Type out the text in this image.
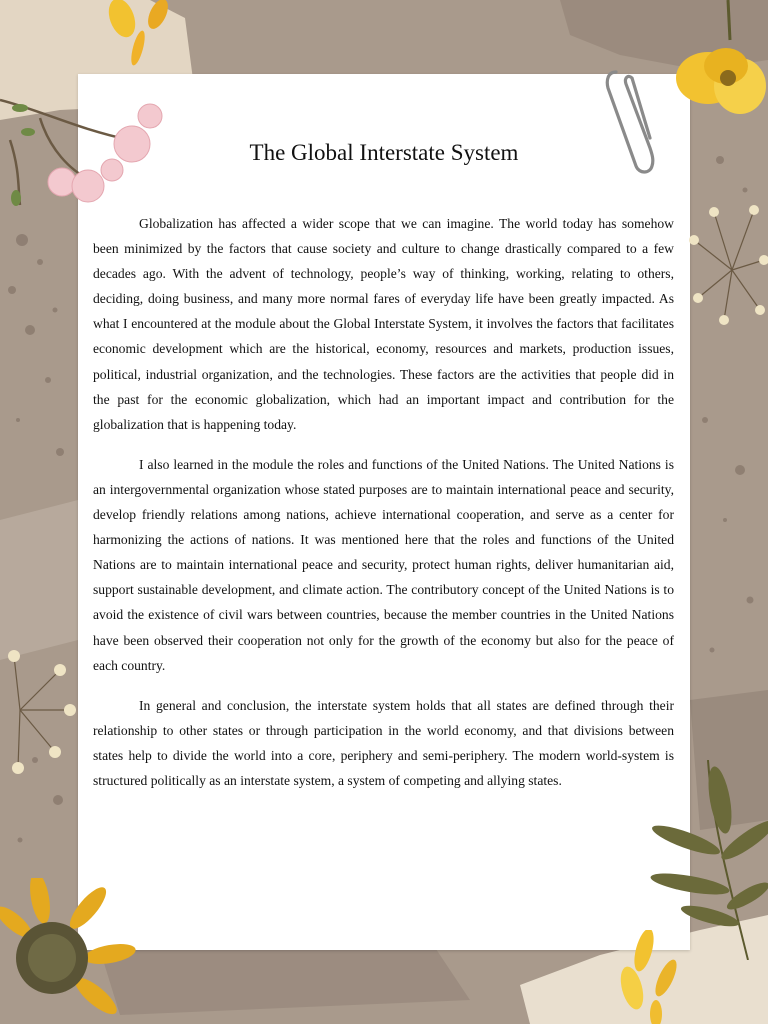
The Global Interstate System

Globalization has affected a wider scope that we can imagine. The world today has somehow been minimized by the factors that cause society and culture to change drastically compared to a few decades ago. With the advent of technology, people’s way of thinking, working, relating to others, deciding, doing business, and many more normal fares of everyday life have been greatly impacted. As what I encountered at the module about the Global Interstate System, it involves the factors that facilitates economic development which are the historical, economy, resources and markets, production issues, political, industrial organization, and the technologies. These factors are the activities that people did in the past for the economic globalization, which had an important impact and contribution for the globalization that is happening today.

I also learned in the module the roles and functions of the United Nations. The United Nations is an intergovernmental organization whose stated purposes are to maintain international peace and security, develop friendly relations among nations, achieve international cooperation, and serve as a center for harmonizing the actions of nations. It was mentioned here that the roles and functions of the United Nations are to maintain international peace and security, protect human rights, deliver humanitarian aid, support sustainable development, and climate action. The contributory concept of the United Nations is to avoid the existence of civil wars between countries, because the member countries in the United Nations have been observed their cooperation not only for the growth of the economy but also for the peace of each country.

In general and conclusion, the interstate system holds that all states are defined through their relationship to other states or through participation in the world economy, and that divisions between states help to divide the world into a core, periphery and semi-periphery. The modern world-system is structured politically as an interstate system, a system of competing and allying states.
